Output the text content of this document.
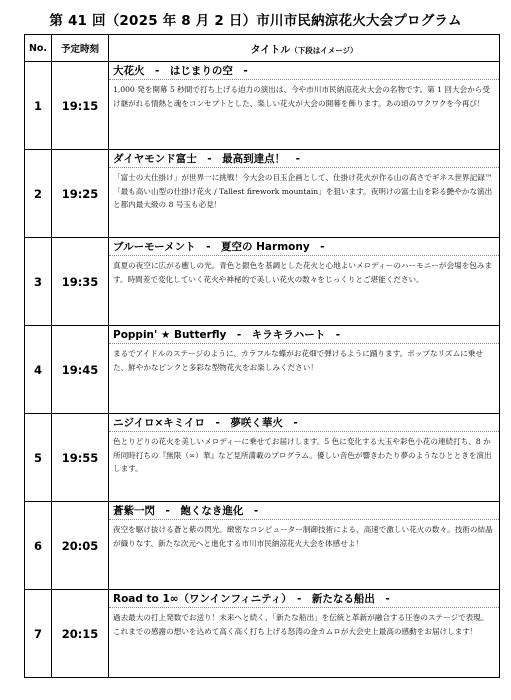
第 41 回（2025 年 8 月 2 日）市川市民納涼花火大会プログラム
No.	予定時刻	タイトル（下段はイメージ）
1	19:15	大花火　-　はじまりの空　-
1,000 発を開幕 5 秒間で打ち上げる迫力の演出は、今や市川市民納涼花火大会の名物です。第 1 回大会から受け継がれる情熱と魂をコンセプトとした、楽しい花火が大会の開幕を飾ります。あの頃のワクワクを今再び！

2	19:25	ダイヤモンド富士　-　最高到達点！　-
「富士の大仕掛け」が世界一に挑戦！今大会の目玉企画として、仕掛け花火が作る山の高さでギネス世界記録™「最も高い山型の仕掛け花火 / Tallest firework mountain」を狙います。夜明けの富士山を彩る艶やかな演出と都内最大級の 8 号玉も必見！

3	19:35	ブルーモーメント　-　夏空の Harmony　-
真夏の夜空に広がる癒しの光。青色と銀色を基調とした花火と心地よいメロディーのハーモニーが会場を包みます。時間差で変化していく花火や神秘的で美しい花火の数々をじっくりとご堪能ください。

4	19:45	Poppin' ★ Butterfly　-　キラキラハート　-
まるでアイドルのステージのように、カラフルな蝶がお花畑で弾けるように踊ります。ポップなリズムに乗せた、鮮やかなピンクと多彩な型物花火をお楽しみください！

5	19:55	ニジイロ×キミイロ　-　夢咲く華火　-
色とりどりの花火を美しいメロディーに乗せてお届けします。5 色に変化する大玉や彩色小花の連続打ち、8 か所同時打ちの『無限（∞）華』など見所満載のプログラム。優しい音色が響きわたり夢のようなひとときを演出します。

6	20:05	蒼紫一閃　-　飽くなき進化　-
夜空を駆け抜ける蒼と紫の閃光。緻密なコンピューター制御技術による、高速で激しい花火の数々。技術の結晶が織りなす、新たな次元へと進化する市川市民納涼花火大会を体感せよ！

7	20:15	Road to 1∞（ワンインフィニティ）　-　新たなる船出　-
過去最大の打上発数でお送り！未来へと続く、「新たな船出」を伝統と革新が融合する圧巻のステージで表現。これまでの感謝の想いを込めて高く高く打ち上げる怒涛の金カムロが大会史上最高の感動をお届けします！
